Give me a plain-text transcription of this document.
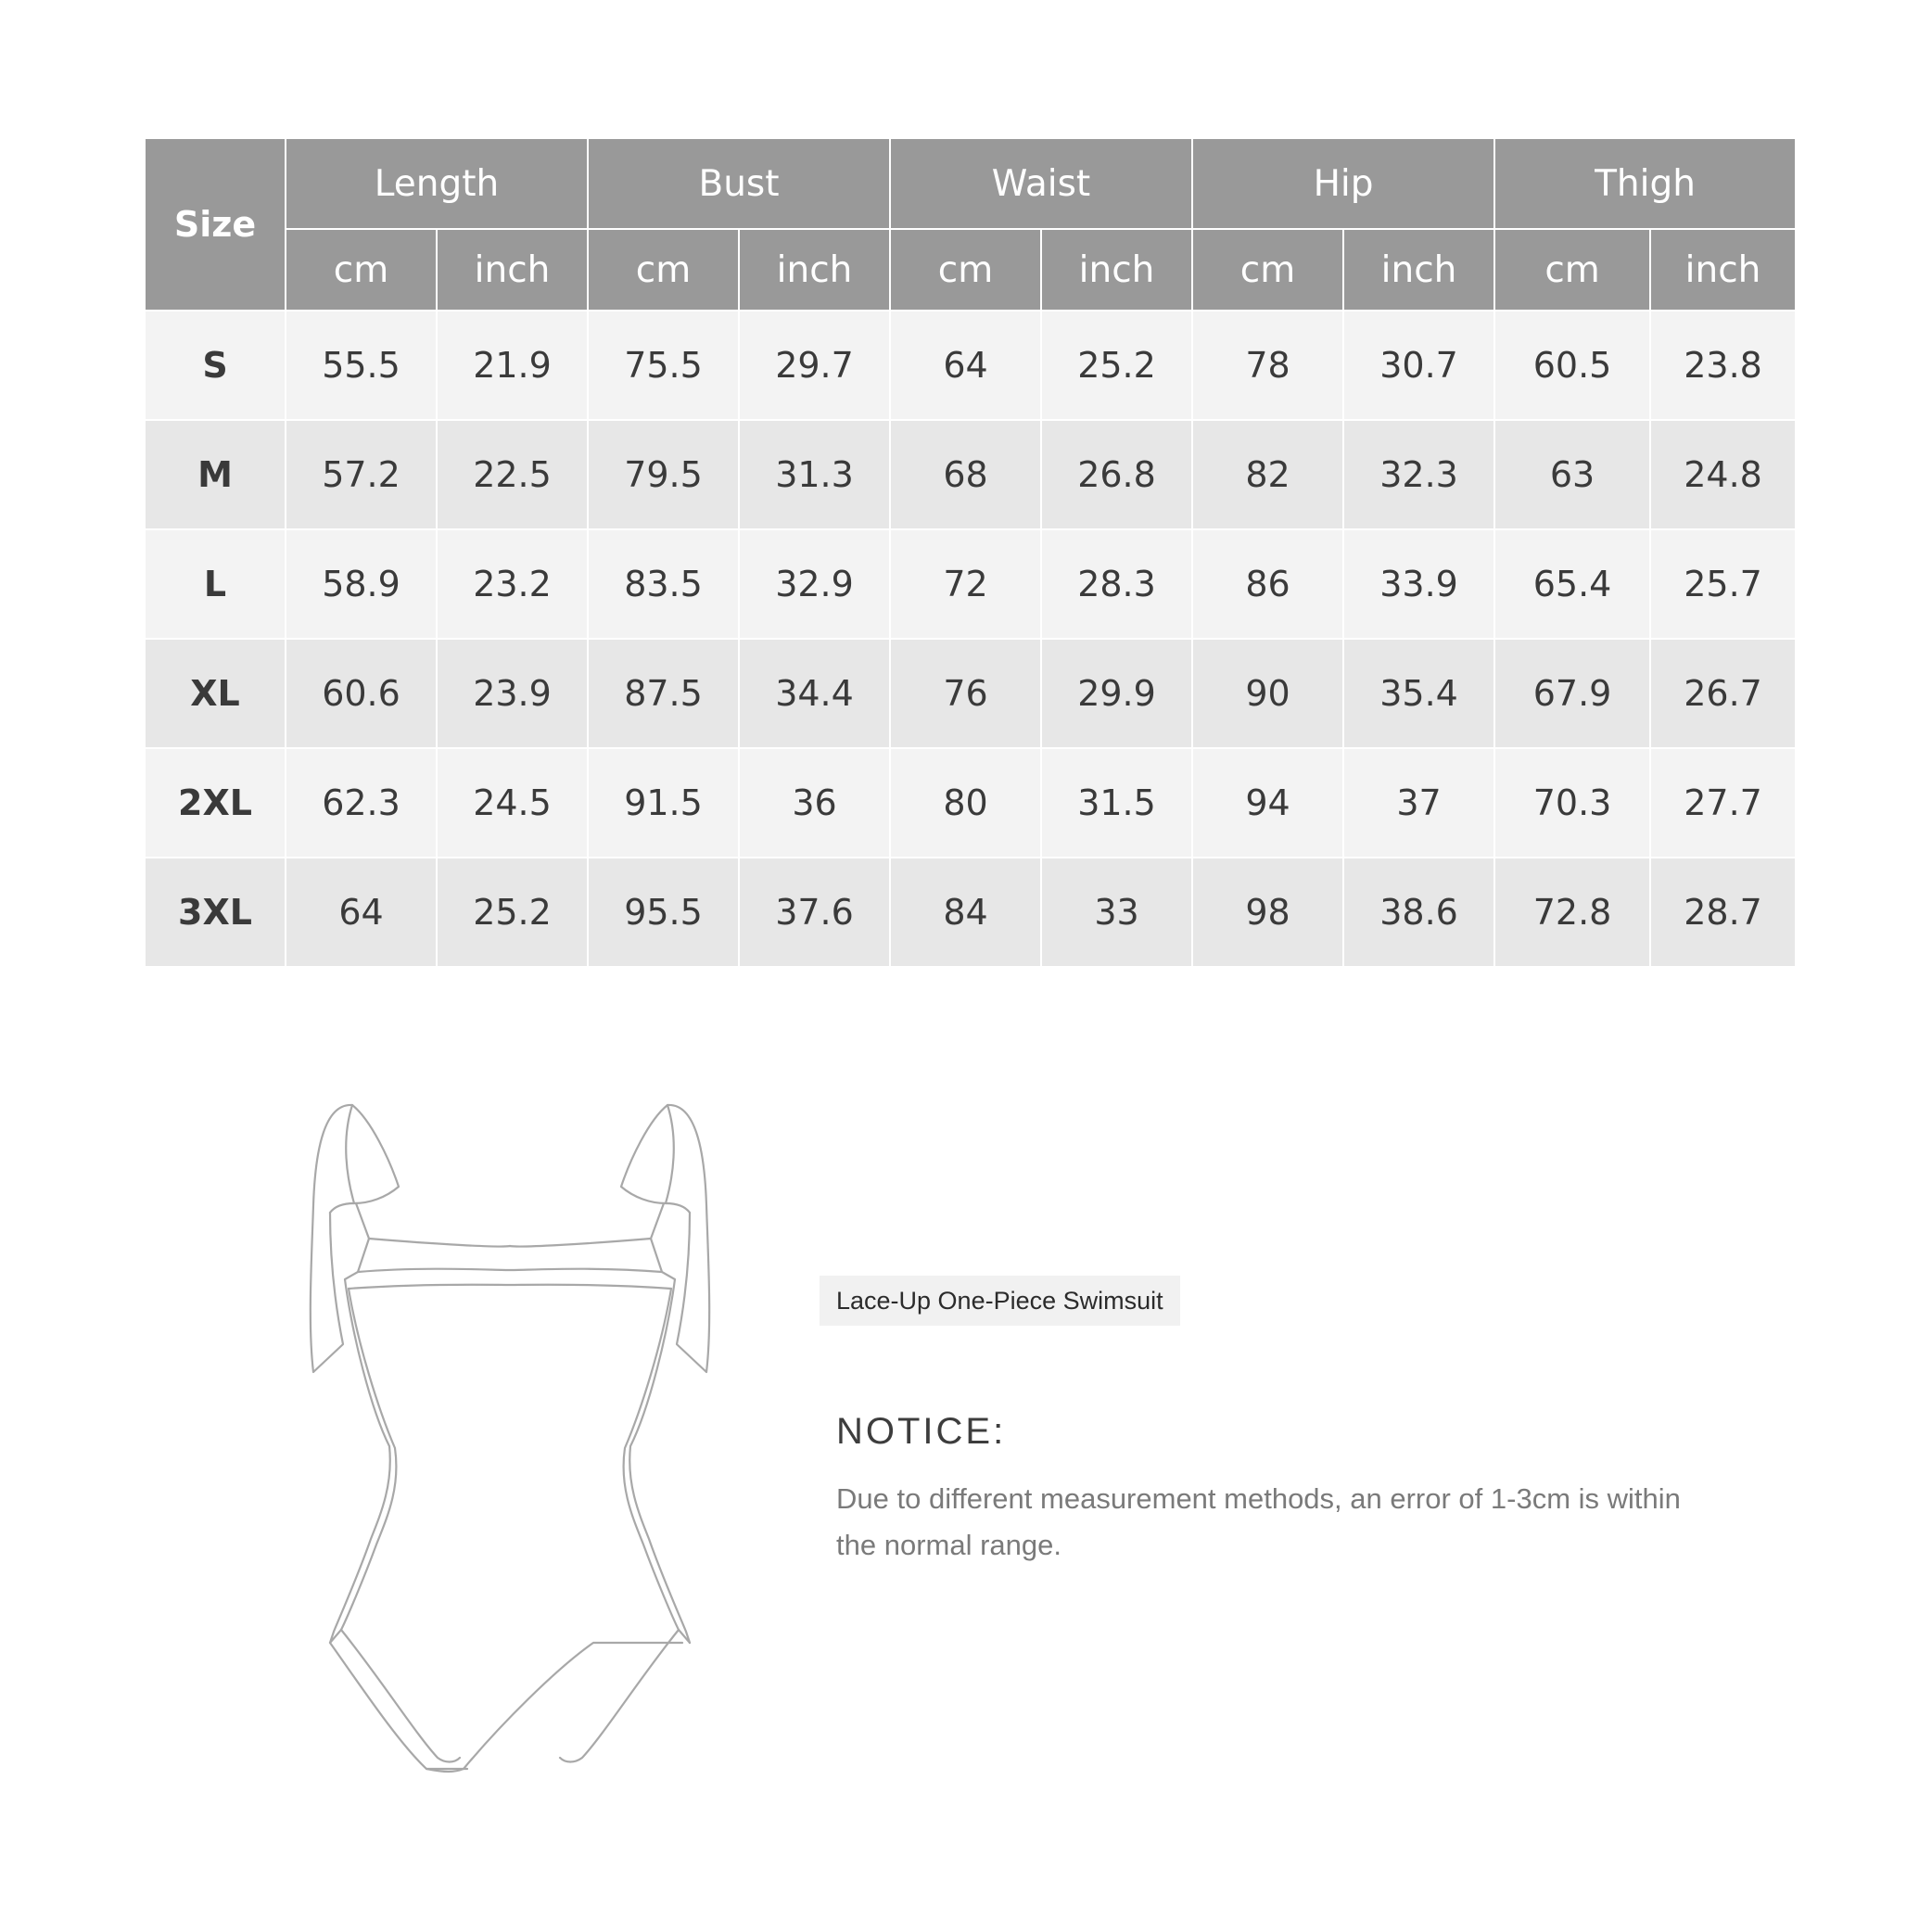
Size	Length		Bust		Waist		Hip		Thigh	
	cm	inch	cm	inch	cm	inch	cm	inch	cm	inch
S	55.5	21.9	75.5	29.7	64	25.2	78	30.7	60.5	23.8
M	57.2	22.5	79.5	31.3	68	26.8	82	32.3	63	24.8
L	58.9	23.2	83.5	32.9	72	28.3	86	33.9	65.4	25.7
XL	60.6	23.9	87.5	34.4	76	29.9	90	35.4	67.9	26.7
2XL	62.3	24.5	91.5	36	80	31.5	94	37	70.3	27.7
3XL	64	25.2	95.5	37.6	84	33	98	38.6	72.8	28.7
Lace-Up One-Piece Swimsuit
NOTICE:
Due to different measurement methods, an error of 1-3cm is within the normal range.
